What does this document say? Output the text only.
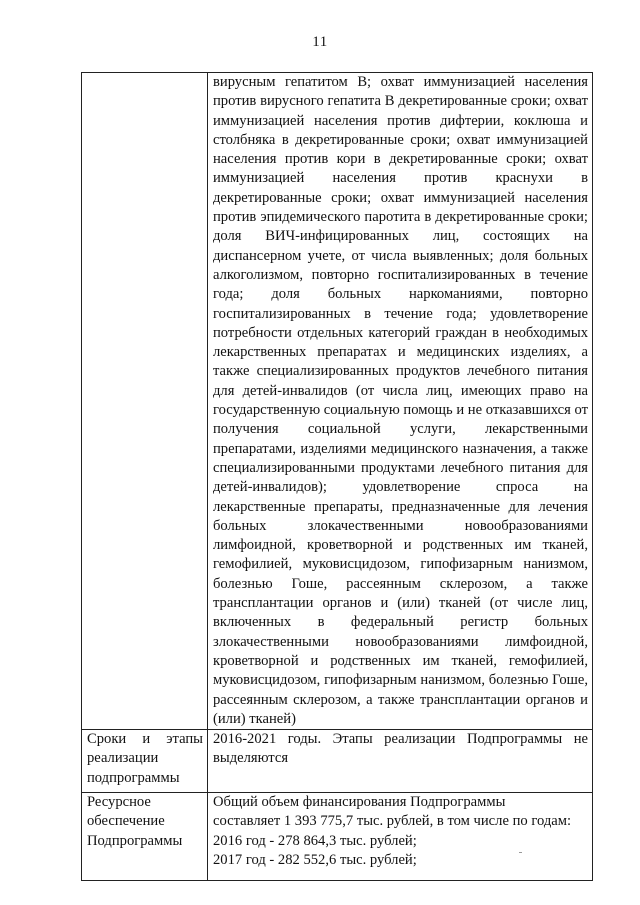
11
	вирусным гепатитом В; охват иммунизацией населения против вирусного гепатита В декретированные сроки; охват иммунизацией населения против дифтерии, коклюша и столбняка в декретированные сроки; охват иммунизацией населения против кори в декретированные сроки; охват иммунизацией населения против краснухи в декретированные сроки; охват иммунизацией населения против эпидемического паротита в декретированные сроки; доля ВИЧ-инфицированных лиц, состоящих на диспансерном учете, от числа выявленных; доля больных алкоголизмом, повторно госпитализированных в течение года; доля больных наркоманиями, повторно госпитализированных в течение года; удовлетворение потребности отдельных категорий граждан в необходимых лекарственных препаратах и медицинских изделиях, а также специализированных продуктов лечебного питания для детей-инвалидов (от числа лиц, имеющих право на государственную социальную помощь и не отказавшихся от получения социальной услуги, лекарственными препаратами, изделиями медицинского назначения, а также специализированными продуктами лечебного питания для детей-инвалидов); удовлетворение спроса на лекарственные препараты, предназначенные для лечения больных злокачественными новообразованиями лимфоидной, кроветворной и родственных им тканей, гемофилией, муковисцидозом, гипофизарным нанизмом, болезнью Гоше, рассеянным склерозом, а также трансплантации органов и (или) тканей (от числе лиц, включенных в федеральный регистр больных злокачественными новообразованиями лимфоидной, кроветворной и родственных им тканей, гемофилией, муковисцидозом, гипофизарным нанизмом, болезнью Гоше, рассеянным склерозом, а также трансплантации органов и (или) тканей)
Сроки и этапы реализации подпрограммы	2016-2021 годы. Этапы реализации Подпрограммы не выделяются
Ресурсное обеспечение Подпрограммы	Общий объем финансирования Подпрограммы
составляет 1 393 775,7 тыс. рублей, в том числе по годам:
2016 год - 278 864,3 тыс. рублей;
2017 год - 282 552,6 тыс. рублей;
